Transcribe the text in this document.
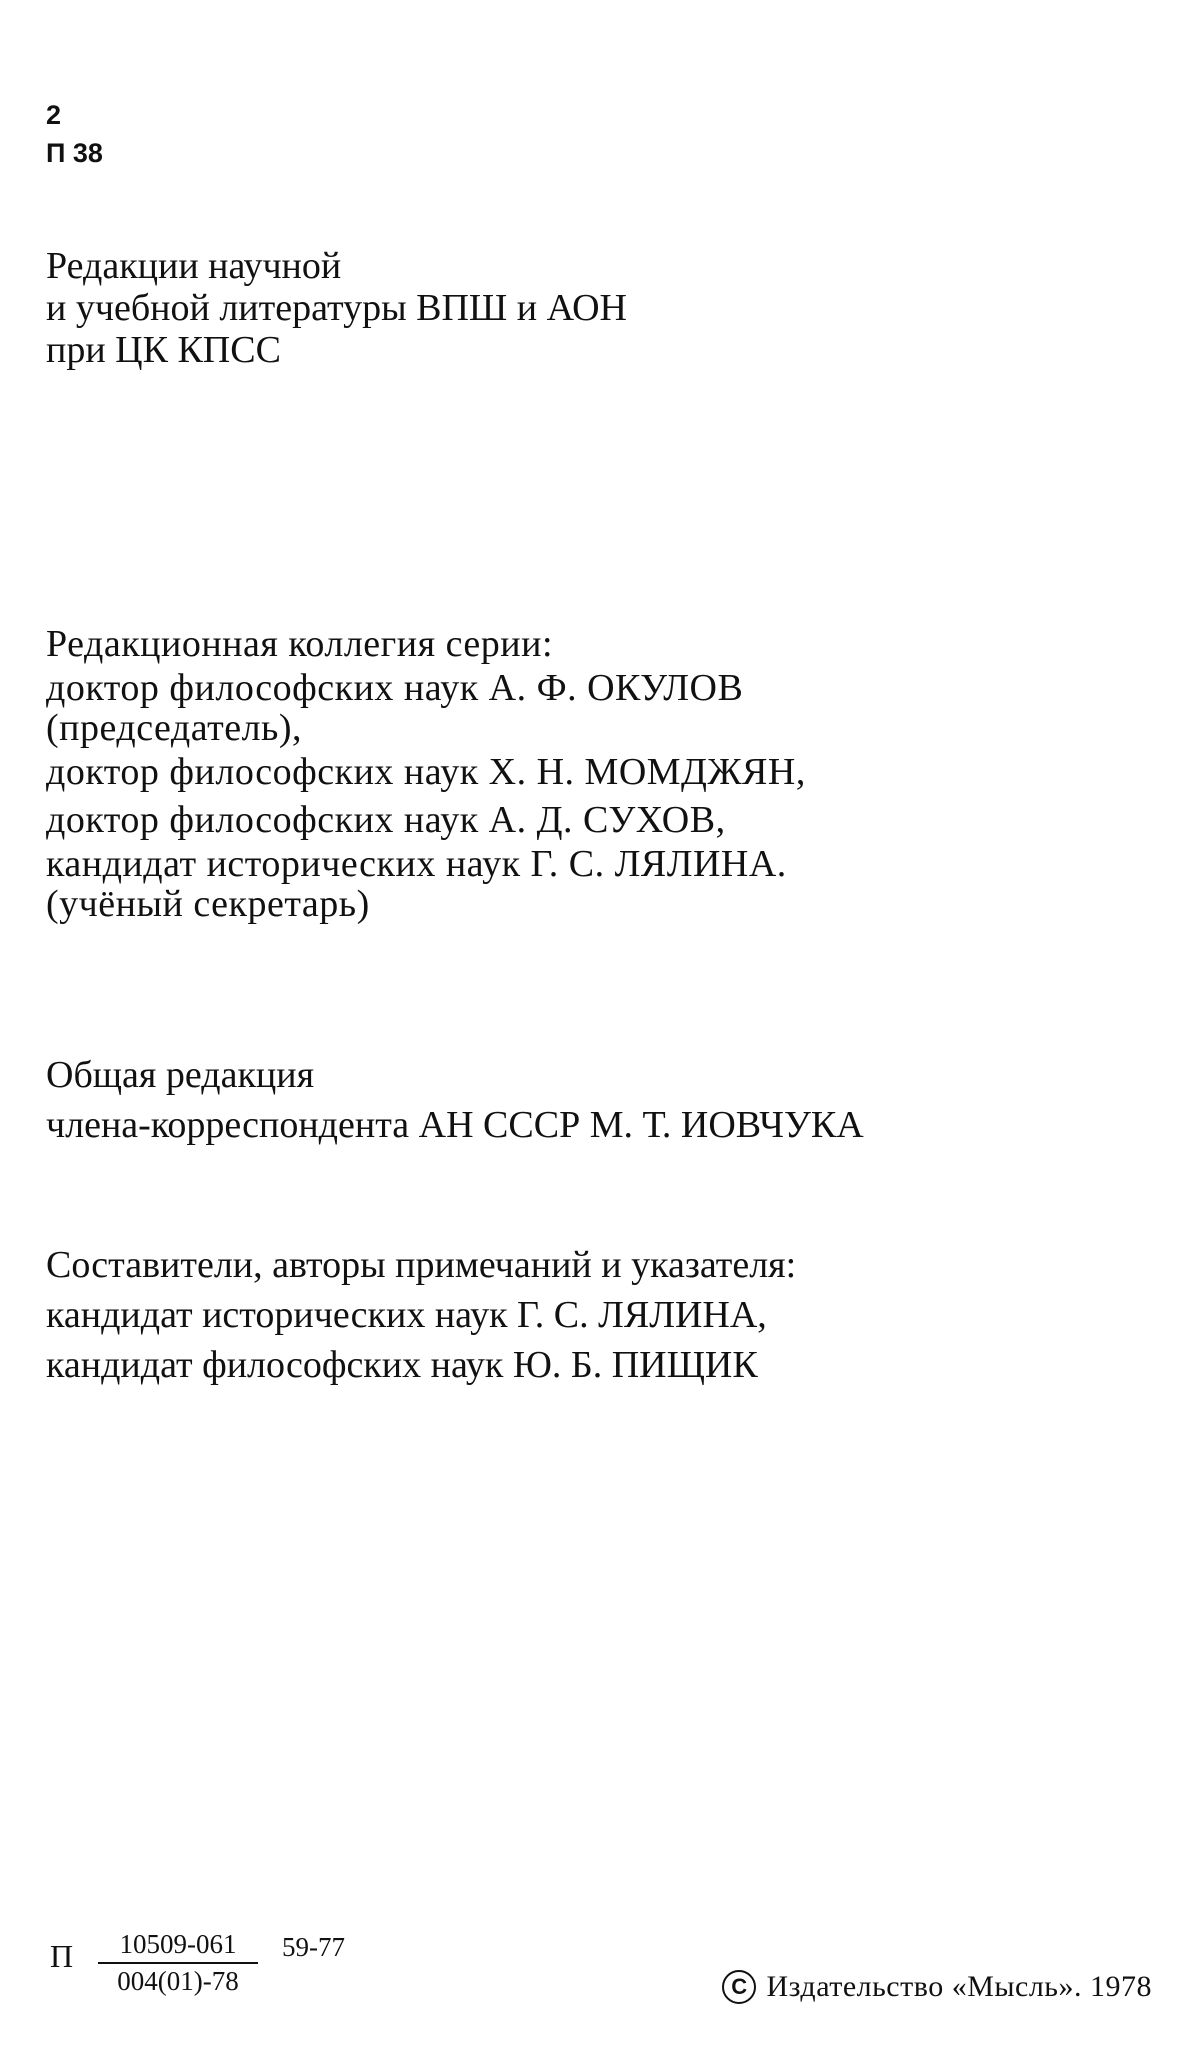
2
П 38
Редакции научной
и учебной литературы ВПШ и АОН
при ЦК КПСС
Редакционная коллегия серии:
доктор философских наук А. Ф. ОКУЛОВ
(председатель),
доктор философских наук Х. Н. МОМДЖЯН,
доктор философских наук А. Д. СУХОВ,
кандидат исторических наук Г. С. ЛЯЛИНА.
(учёный секретарь)
Общая редакция
члена-корреспондента АН СССР М. Т. ИОВЧУКА
Составители, авторы примечаний и указателя:
кандидат исторических наук Г. С. ЛЯЛИНА,
кандидат философских наук Ю. Б. ПИЩИК
П $\frac{10509-061}{004(01)-78} 59-77$
C Издательство «Мысль». 1978
